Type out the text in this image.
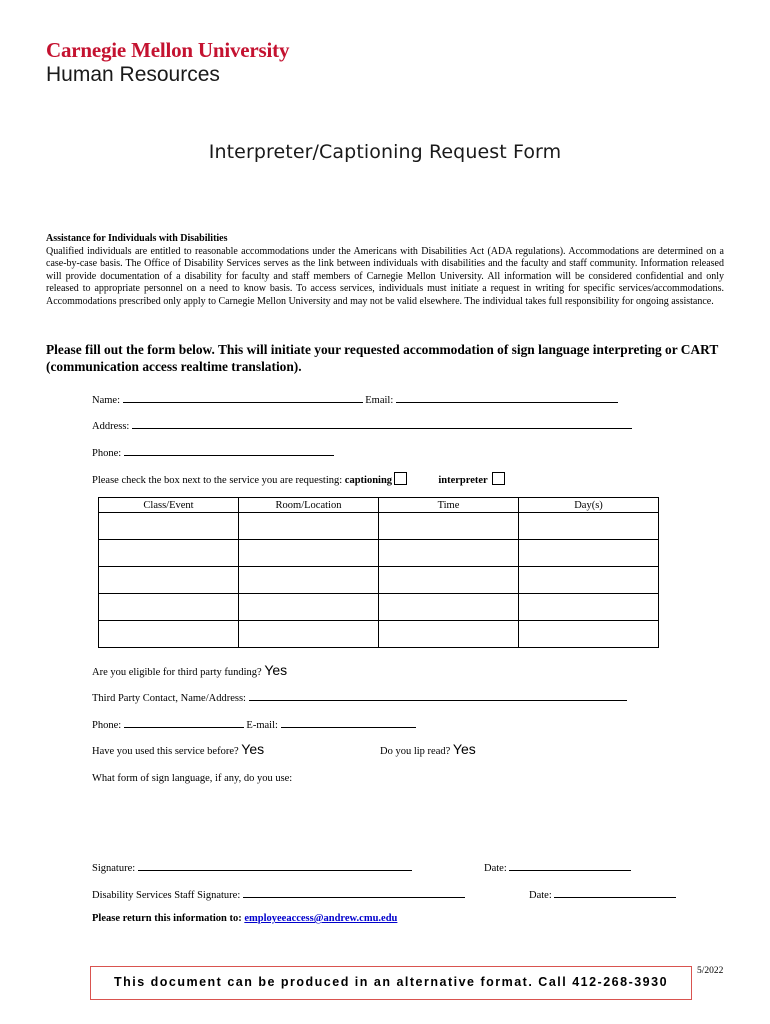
Carnegie Mellon University
Human Resources
Interpreter/Captioning Request Form
Assistance for Individuals with Disabilities
Qualified individuals are entitled to reasonable accommodations under the Americans with Disabilities Act (ADA regulations). Accommodations are determined on a case-by-case basis. The Office of Disability Services serves as the link between individuals with disabilities and the faculty and staff community. Information released will provide documentation of a disability for faculty and staff members of Carnegie Mellon University. All information will be considered confidential and only released to appropriate personnel on a need to know basis. To access services, individuals must initiate a request in writing for specific services/accommodations. Accommodations prescribed only apply to Carnegie Mellon University and may not be valid elsewhere. The individual takes full responsibility for ongoing assistance.
Please fill out the form below. This will initiate your requested accommodation of sign language interpreting or CART (communication access realtime translation).
Name:	Email:
Address:
Phone:
Please check the box next to the service you are requesting: captioning	interpreter
Class/Event	Room/Location	Time	Day(s)

Are you eligible for third party funding? Yes
Third Party Contact, Name/Address:
Phone:	E-mail:
Have you used this service before? Yes	Do you lip read? Yes
What form of sign language, if any, do you use:
Signature:	Date:
Disability Services Staff Signature:	Date:
Please return this information to: employeeaccess@andrew.cmu.edu
This document can be produced in an alternative format. Call 412-268-3930
5/2022
